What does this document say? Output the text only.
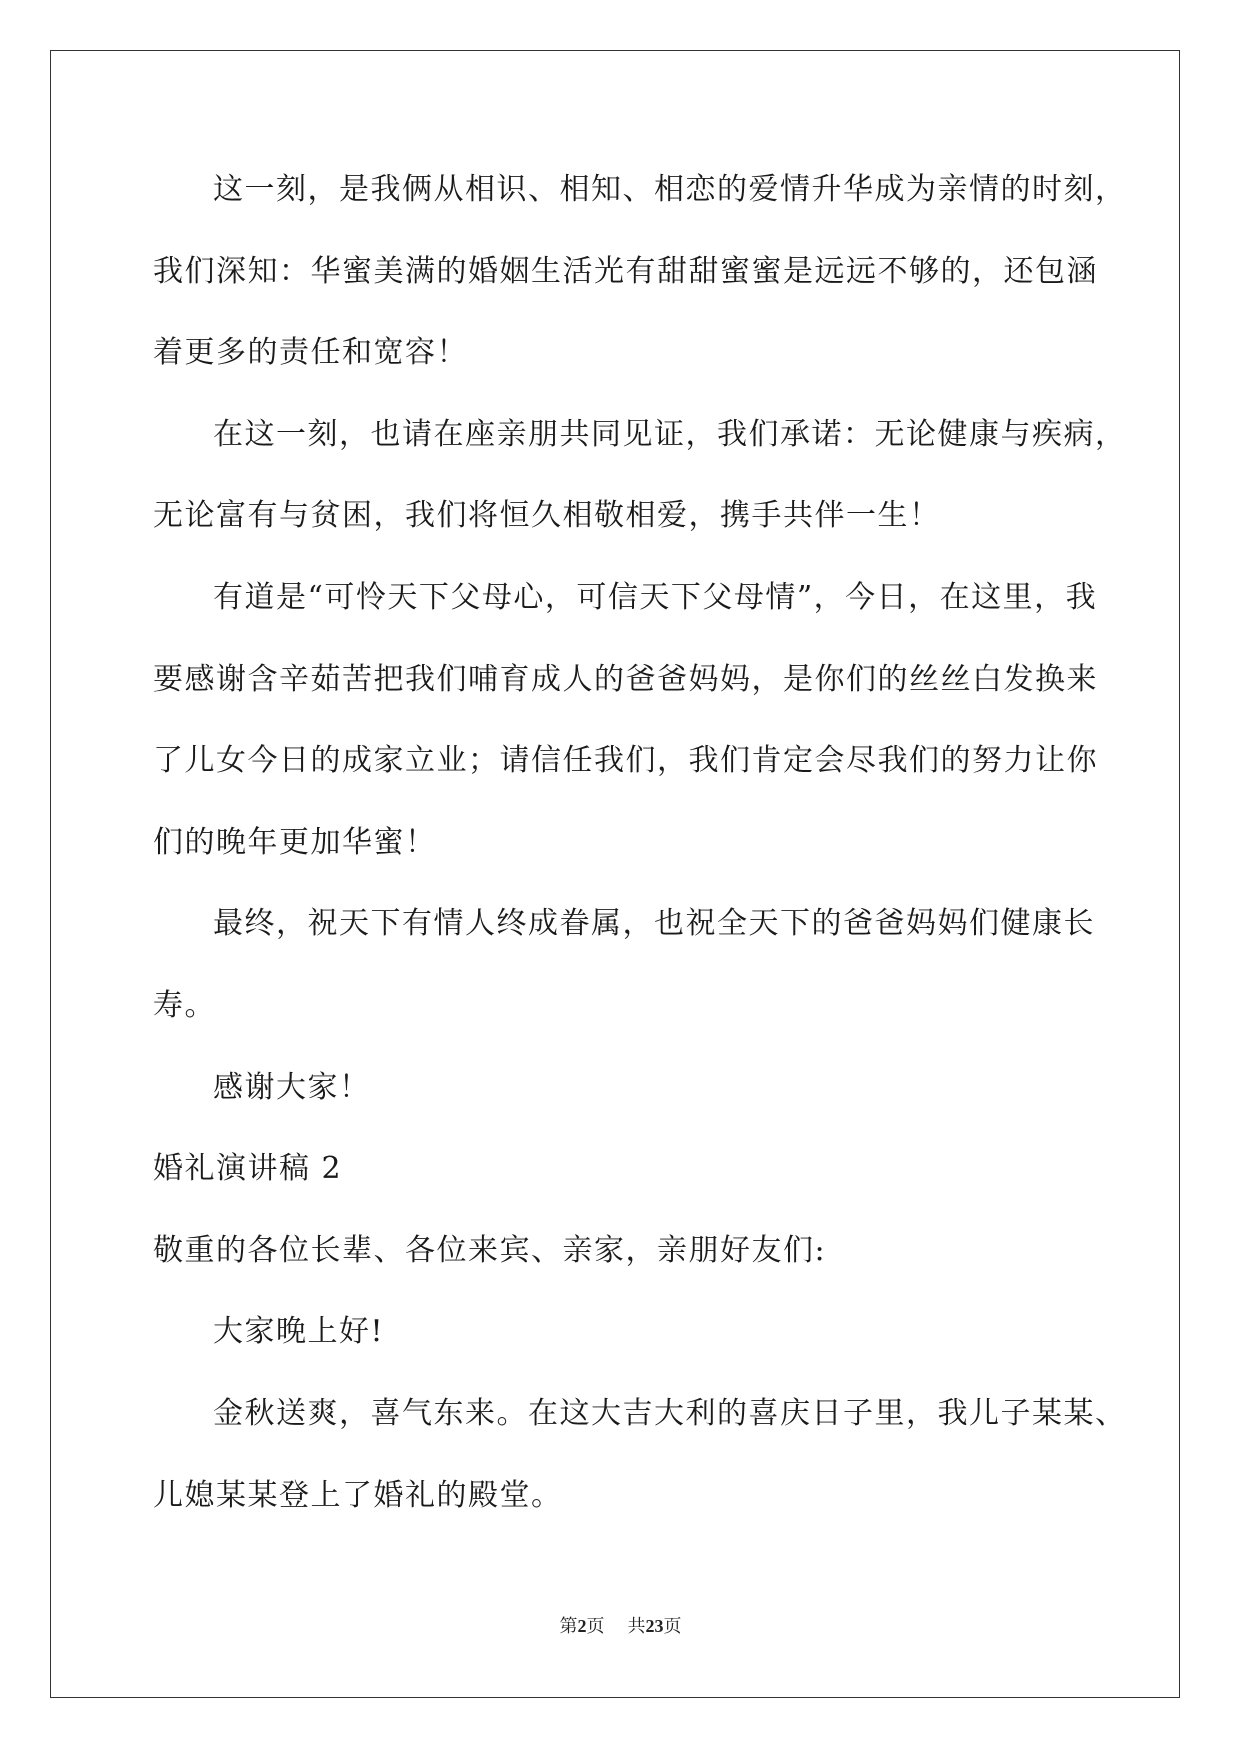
这一刻，是我俩从相识、相知、相恋的爱情升华成为亲情的时刻，
我们深知：华蜜美满的婚姻生活光有甜甜蜜蜜是远远不够的，还包涵
着更多的责任和宽容！
在这一刻，也请在座亲朋共同见证，我们承诺：无论健康与疾病，
无论富有与贫困，我们将恒久相敬相爱，携手共伴一生！
有道是“可怜天下父母心，可信天下父母情”，今日，在这里，我
要感谢含辛茹苦把我们哺育成人的爸爸妈妈，是你们的丝丝白发换来
了儿女今日的成家立业；请信任我们，我们肯定会尽我们的努力让你
们的晚年更加华蜜！
最终，祝天下有情人终成眷属，也祝全天下的爸爸妈妈们健康长
寿。
感谢大家！
婚礼演讲稿 2
敬重的各位长辈、各位来宾、亲家，亲朋好友们:
大家晚上好!
金秋送爽，喜气东来。在这大吉大利的喜庆日子里，我儿子某某、
儿媳某某登上了婚礼的殿堂。
第2页 共23页
